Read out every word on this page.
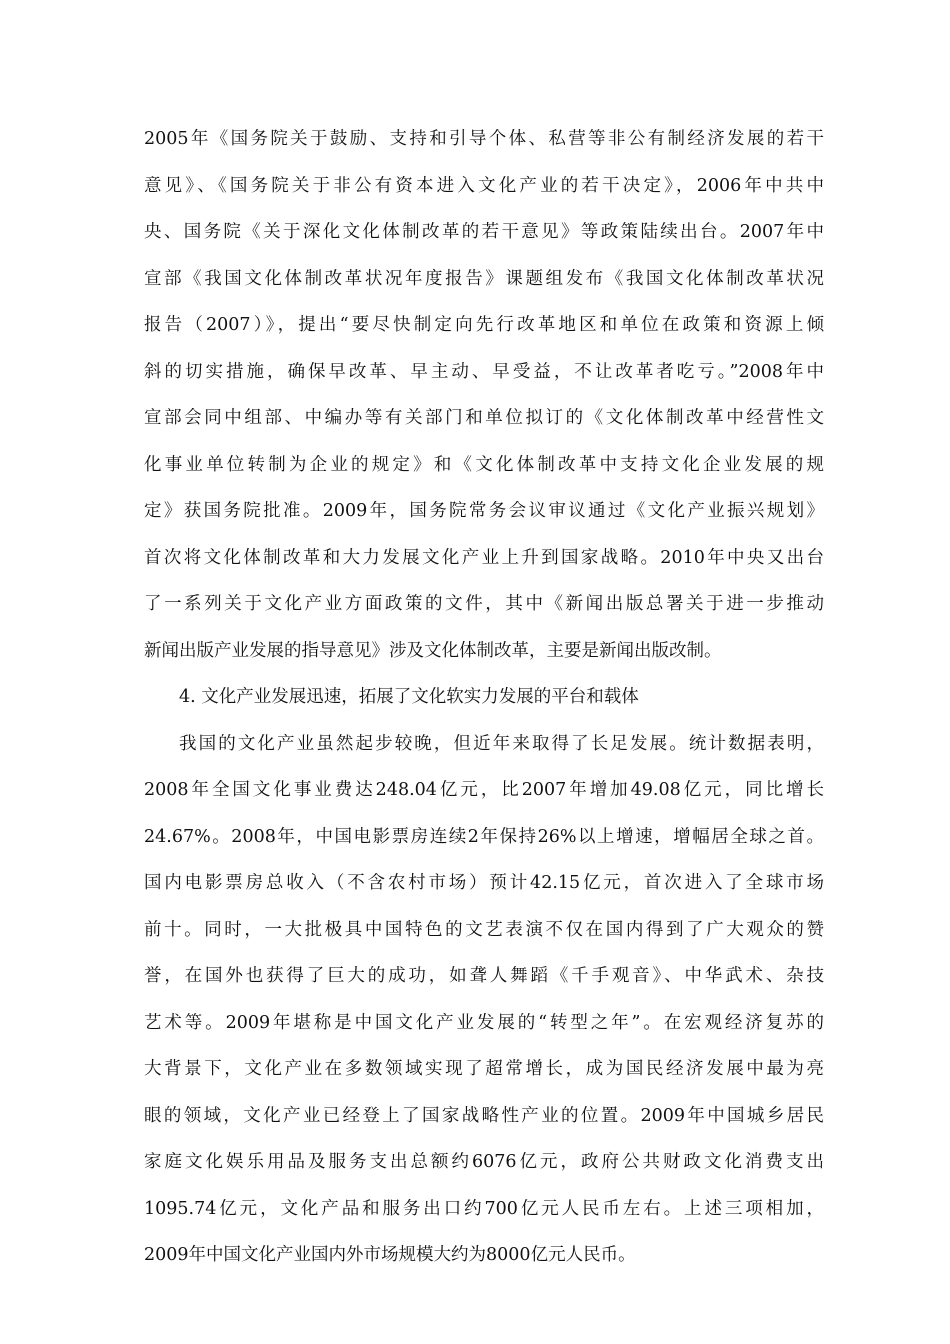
2005年《国务院关于鼓励、支持和引导个体、私营等非公有制经济发展的若干
意见》、《国务院关于非公有资本进入文化产业的若干决定》，2006年中共中
央、国务院《关于深化文化体制改革的若干意见》等政策陆续出台。2007年中
宣部《我国文化体制改革状况年度报告》课题组发布《我国文化体制改革状况
报告（2007）》，提出“要尽快制定向先行改革地区和单位在政策和资源上倾
斜的切实措施，确保早改革、早主动、早受益，不让改革者吃亏。”2008年中
宣部会同中组部、中编办等有关部门和单位拟订的《文化体制改革中经营性文
化事业单位转制为企业的规定》和《文化体制改革中支持文化企业发展的规
定》获国务院批准。2009年，国务院常务会议审议通过《文化产业振兴规划》
首次将文化体制改革和大力发展文化产业上升到国家战略。2010年中央又出台
了一系列关于文化产业方面政策的文件，其中《新闻出版总署关于进一步推动
新闻出版产业发展的指导意见》涉及文化体制改革，主要是新闻出版改制。
4. 文化产业发展迅速，拓展了文化软实力发展的平台和载体
我国的文化产业虽然起步较晚，但近年来取得了长足发展。统计数据表明，
2008年全国文化事业费达248.04亿元，比2007年增加49.08亿元，同比增长
24.67%。2008年，中国电影票房连续2年保持26%以上增速，增幅居全球之首。
国内电影票房总收入（不含农村市场）预计42.15亿元，首次进入了全球市场
前十。同时，一大批极具中国特色的文艺表演不仅在国内得到了广大观众的赞
誉，在国外也获得了巨大的成功，如聋人舞蹈《千手观音》、中华武术、杂技
艺术等。2009年堪称是中国文化产业发展的“转型之年”。在宏观经济复苏的
大背景下，文化产业在多数领域实现了超常增长，成为国民经济发展中最为亮
眼的领域，文化产业已经登上了国家战略性产业的位置。2009年中国城乡居民
家庭文化娱乐用品及服务支出总额约6076亿元，政府公共财政文化消费支出
1095.74亿元，文化产品和服务出口约700亿元人民币左右。上述三项相加，
2009年中国文化产业国内外市场规模大约为8000亿元人民币。
